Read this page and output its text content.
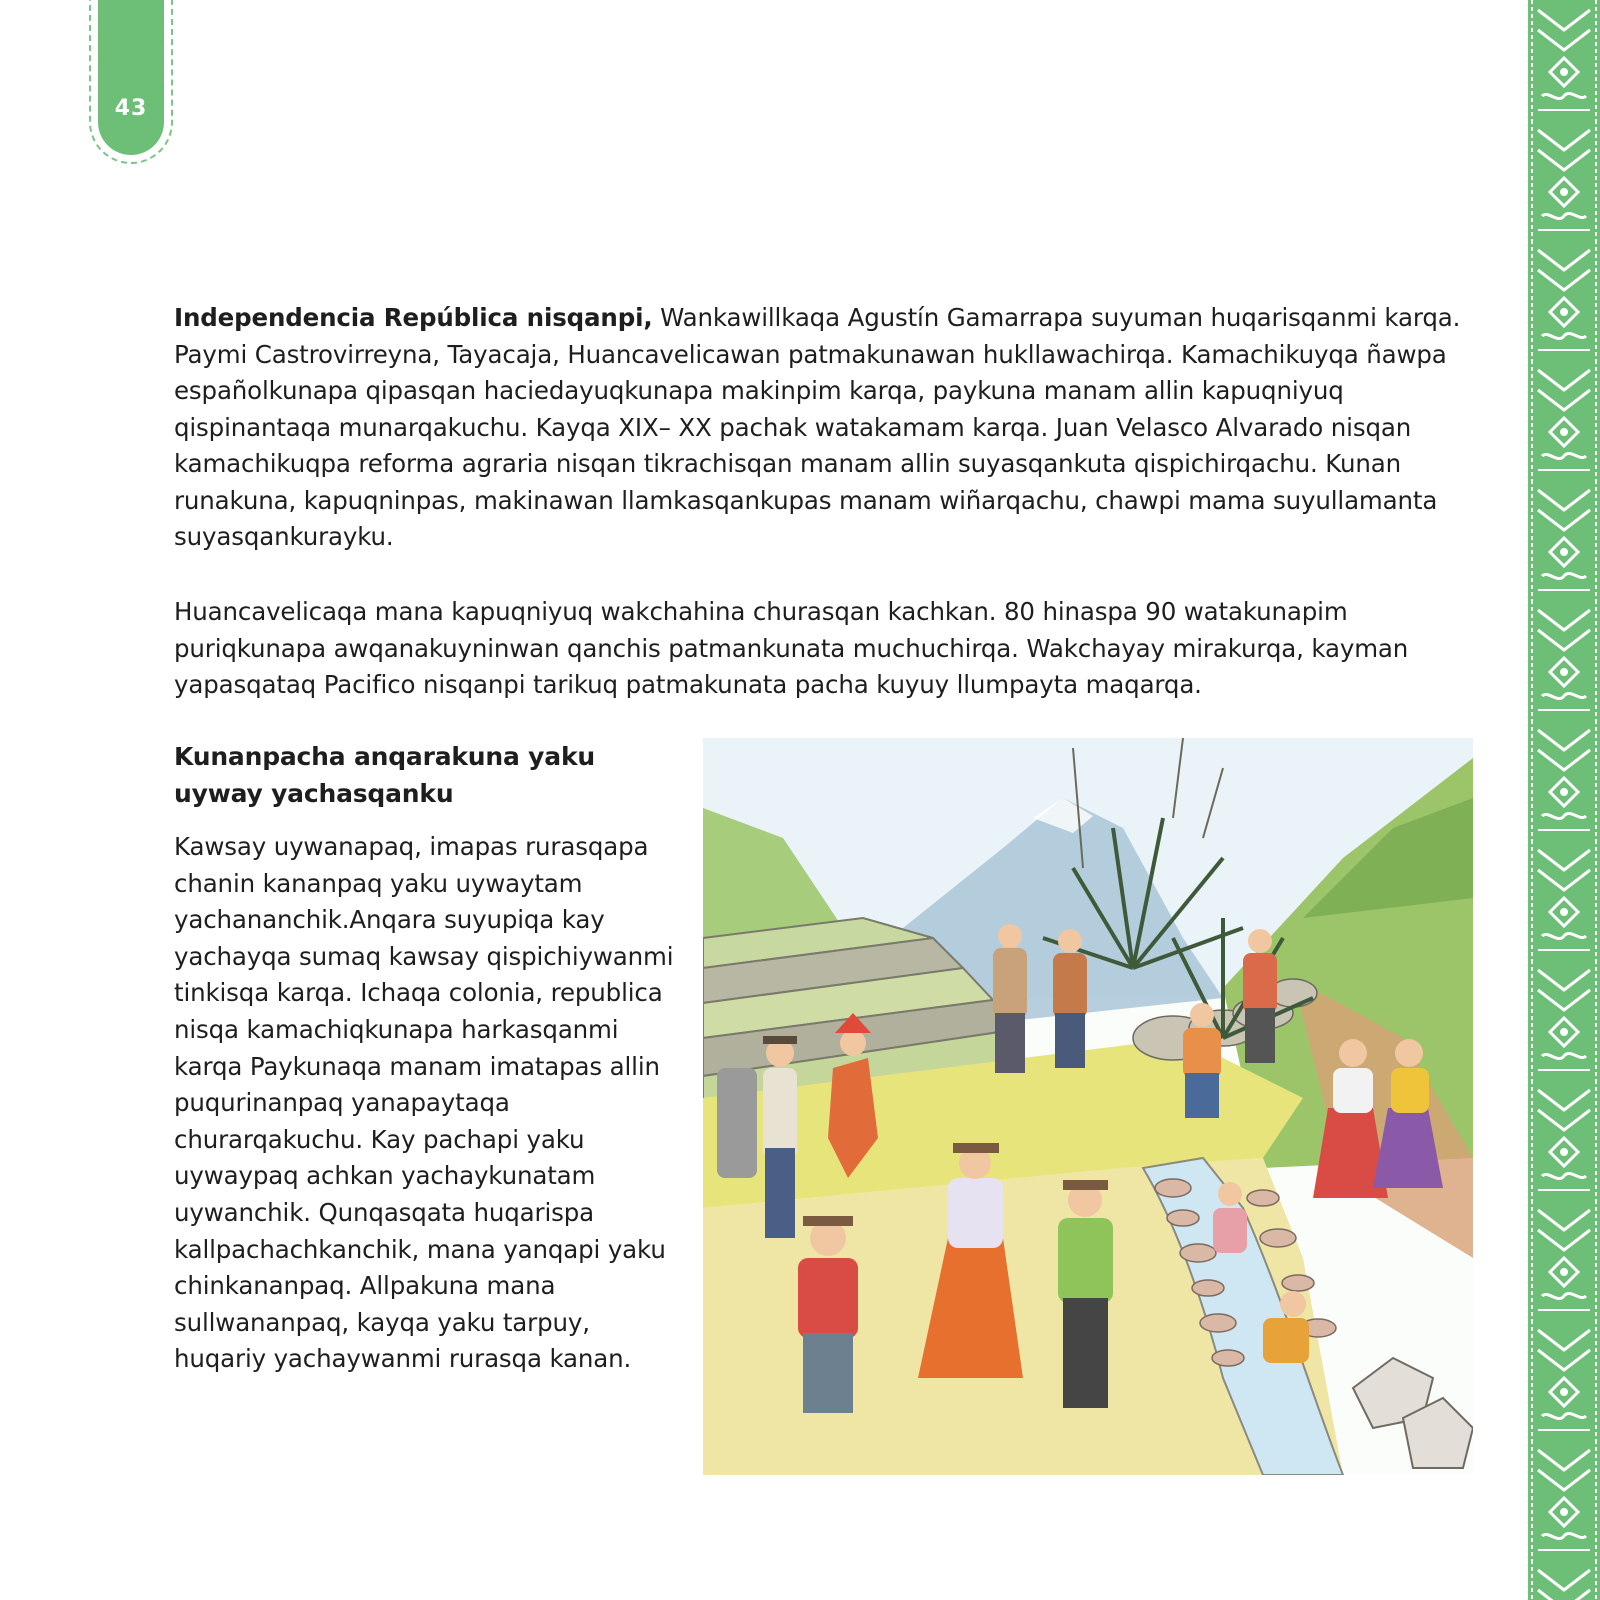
43

Independencia República nisqanpi, Wankawillkaqa Agustín Gamarrapa suyuman huqarisqanmi karqa. Paymi Castrovirreyna, Tayacaja, Huancavelicawan patmakunawan hukllawachirqa. Kamachikuyqa ñawpa españolkunapa qipasqan haciedayuqkunapa makinpim karqa, paykuna manam allin kapuqniyuq qispinantaqa munarqakuchu. Kayqa XIX– XX pachak watakamam karqa. Juan Velasco Alvarado nisqan kamachikuqpa reforma agraria nisqan tikrachisqan manam allin suyasqankuta qispichirqachu. Kunan runakuna, kapuqninpas, makinawan llamkasqankupas manam wiñarqachu, chawpi mama suyullamanta suyasqankurayku.

Huancavelicaqa mana kapuqniyuq wakchahina churasqan kachkan. 80 hinaspa 90 watakunapim puriqkunapa awqanakuyninwan qanchis patmankunata muchuchirqa. Wakchayay mirakurqa, kayman yapasqataq Pacifico nisqanpi tarikuq patmakunata pacha kuyuy llumpayta maqarqa.

Kunanpacha anqarakuna yaku uyway yachasqanku

Kawsay uywanapaq, imapas rurasqapa chanin kananpaq yaku uywaytam yachananchik.Anqara suyupiqa kay yachayqa sumaq kawsay qispichiywanmi tinkisqa karqa. Ichaqa colonia, republica nisqa kamachiqkunapa harkasqanmi karqa Paykunaqa manam imatapas allin puqurinanpaq yanapaytaqa churarqakuchu. Kay pachapi yaku uywaypaq achkan yachaykunatam uywanchik. Qunqasqata huqarispa kallpachachkanchik, mana yanqapi yaku chinkananpaq. Allpakuna mana sullwananpaq, kayqa yaku tarpuy, huqariy yachaywanmi rurasqa kanan.
